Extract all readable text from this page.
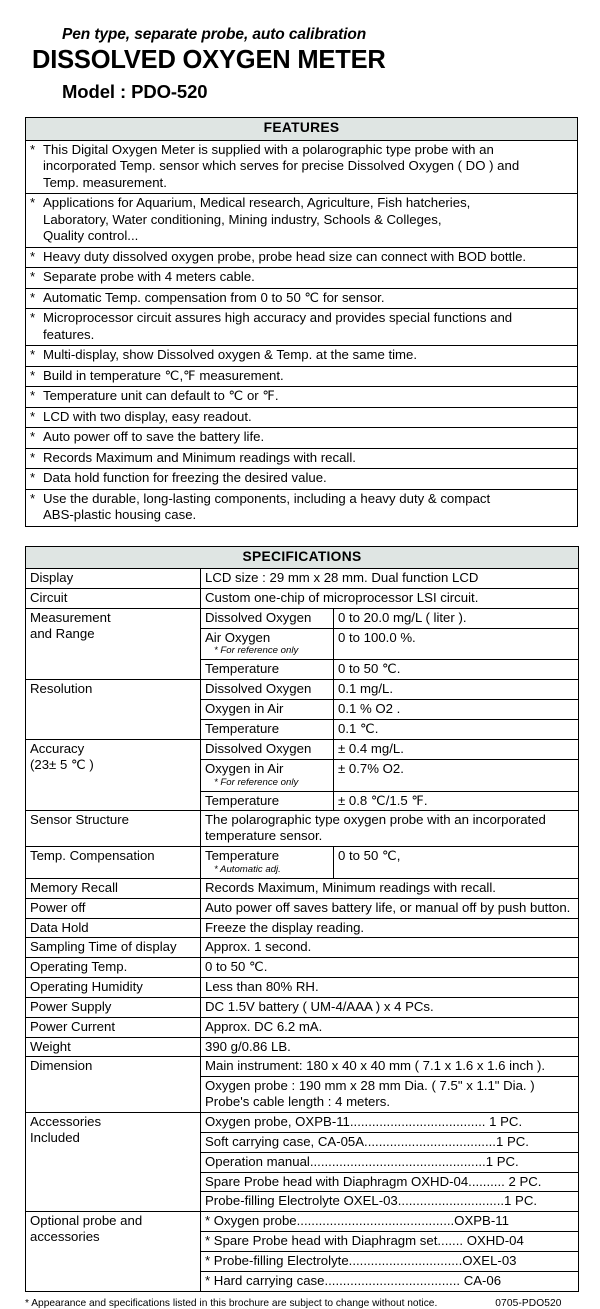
Pen type, separate probe, auto calibration
DISSOLVED OXYGEN METER
Model : PDO-520
FEATURES

* This Digital Oxygen Meter is supplied with a polarographic type probe with an
incorporated Temp. sensor which serves for precise Dissolved Oxygen ( DO ) and
Temp. measurement.

* Applications for Aquarium, Medical research, Agriculture, Fish hatcheries,
Laboratory, Water conditioning, Mining industry, Schools & Colleges,
Quality control...

* Heavy duty dissolved oxygen probe, probe head size can connect with BOD bottle.

* Separate probe with 4 meters cable.

* Automatic Temp. compensation from 0 to 50 ℃ for sensor.

* Microprocessor circuit assures high accuracy and provides special functions and
features.

* Multi-display, show Dissolved oxygen & Temp. at the same time.

* Build in temperature ℃,℉ measurement.

* Temperature unit can default to ℃ or ℉.

* LCD with two display, easy readout.

* Auto power off to save the battery life.

* Records Maximum and Minimum readings with recall.

* Data hold function for freezing the desired value.

* Use the durable, long-lasting components, including a heavy duty & compact
ABS-plastic housing case.
SPECIFICATIONS		
Display	LCD size : 29 mm x 28 mm. Dual function LCD	
Circuit	Custom one-chip of microprocessor LSI circuit.	

Measurement
and Range	Dissolved Oxygen	0 to 20.0 mg/L ( liter ).

	Air Oxygen
* For reference only	0 to 100.0 %.
	Temperature	0 to 50 ℃.
Resolution	Dissolved Oxygen	0.1 mg/L.
	Oxygen in Air	0.1 % O2 .
	Temperature	0.1 ℃.

Accuracy
(23± 5 ℃ )	Dissolved Oxygen	± 0.4 mg/L.

	Oxygen in Air
* For reference only	± 0.7% O2.
	Temperature	± 0.8 ℃/1.5 ℉.
Sensor Structure	The polarographic type oxygen probe with an incorporated
temperature sensor.	

Temp. Compensation	Temperature
* Automatic adj.	0 to 50 ℃,
Memory Recall	Records Maximum, Minimum readings with recall.	
Power off	Auto power off saves battery life, or manual off by push button.	
Data Hold	Freeze the display reading.	
Sampling Time of display	Approx. 1 second.	
Operating Temp.	0 to 50 ℃.	
Operating Humidity	Less than 80% RH.	
Power Supply	DC 1.5V battery ( UM-4/AAA ) x 4 PCs.	
Power Current	Approx. DC 6.2 mA.	
Weight	390 g/0.86 LB.	
Dimension	Main instrument: 180 x 40 x 40 mm ( 7.1 x 1.6 x 1.6 inch ).	

	Oxygen probe : 190 mm x 28 mm Dia. ( 7.5" x 1.1" Dia. )
Probe's cable length : 4 meters.	

Accessories
Included	Oxygen probe, OXPB-11..................................... 1 PC.	
	Soft carrying case, CA-05A....................................1 PC.	
	Operation manual................................................1 PC.	
	Spare Probe head with Diaphragm OXHD-04.......... 2 PC.	
	Probe-filling Electrolyte OXEL-03.............................1 PC.	

Optional probe and
accessories	* Oxygen probe...........................................OXPB-11	
	* Spare Probe head with Diaphragm set....... OXHD-04	
	* Probe-filling Electrolyte...............................OXEL-03	
	* Hard carrying case..................................... CA-06	
* Appearance and specifications listed in this brochure are subject to change without notice.	0705-PDO520
